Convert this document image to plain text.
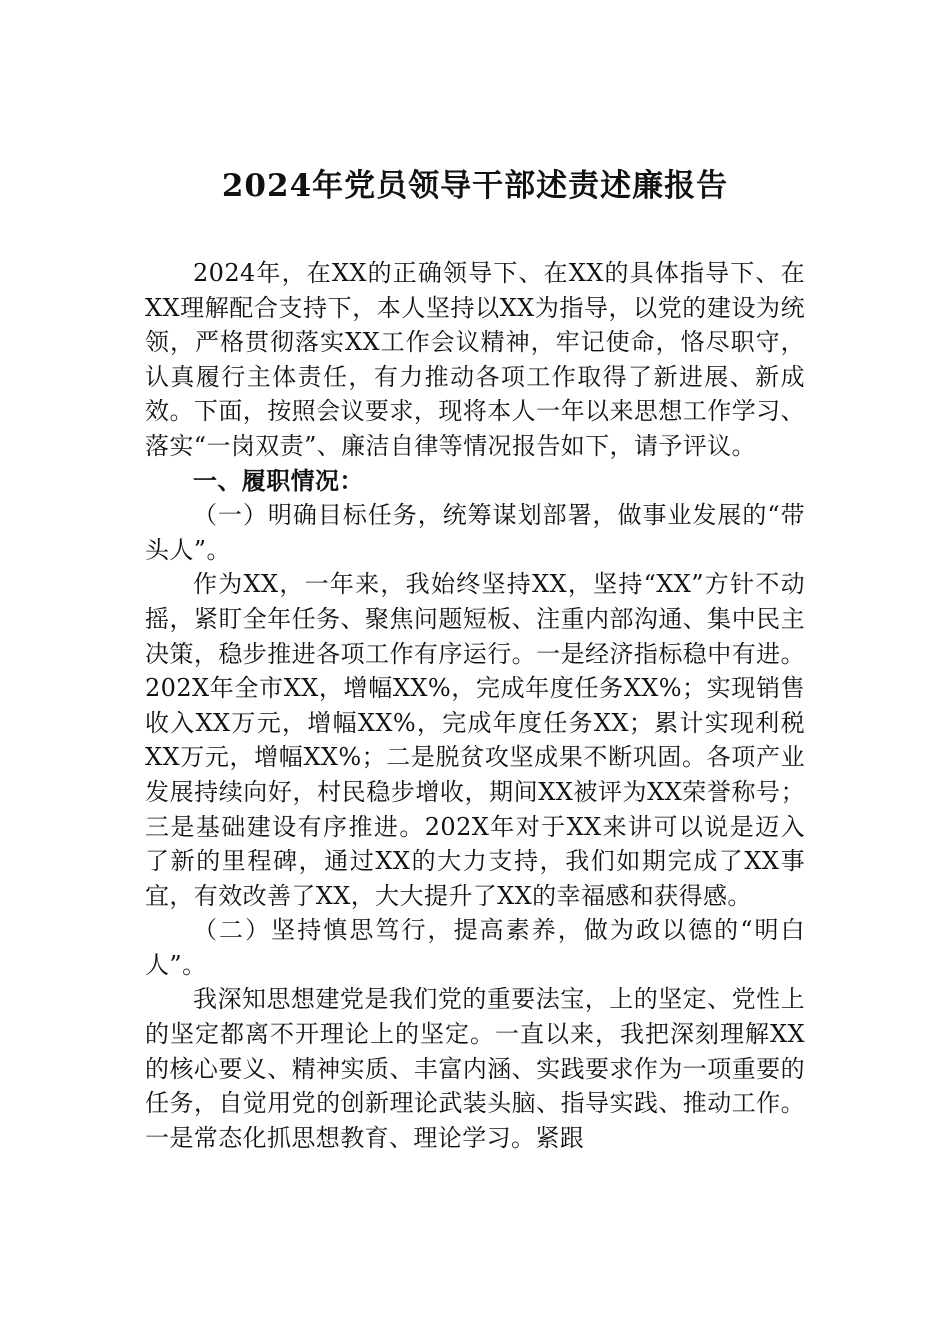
2024年党员领导干部述责述廉报告

2024年，在XX的正确领导下、在XX的具体指导下、在XX理解配合支持下，本人坚持以XX为指导，以党的建设为统领，严格贯彻落实XX工作会议精神，牢记使命，恪尽职守，认真履行主体责任，有力推动各项工作取得了新进展、新成效。下面，按照会议要求，现将本人一年以来思想工作学习、落实“一岗双责”、廉洁自律等情况报告如下，请予评议。

一、履职情况：

（一）明确目标任务，统筹谋划部署，做事业发展的“带头人”。

作为XX，一年来，我始终坚持XX，坚持“XX”方针不动摇，紧盯全年任务、聚焦问题短板、注重内部沟通、集中民主决策，稳步推进各项工作有序运行。一是经济指标稳中有进。202X年全市XX，增幅XX%，完成年度任务XX%；实现销售收入XX万元，增幅XX%，完成年度任务XX；累计实现利税XX万元，增幅XX%；二是脱贫攻坚成果不断巩固。各项产业发展持续向好，村民稳步增收，期间XX被评为XX荣誉称号；三是基础建设有序推进。202X年对于XX来讲可以说是迈入了新的里程碑，通过XX的大力支持，我们如期完成了XX事宜，有效改善了XX，大大提升了XX的幸福感和获得感。

（二）坚持慎思笃行，提高素养，做为政以德的“明白人”。

我深知思想建党是我们党的重要法宝，上的坚定、党性上的坚定都离不开理论上的坚定。一直以来，我把深刻理解XX的核心要义、精神实质、丰富内涵、实践要求作为一项重要的任务，自觉用党的创新理论武装头脑、指导实践、推动工作。一是常态化抓思想教育、理论学习。紧跟
